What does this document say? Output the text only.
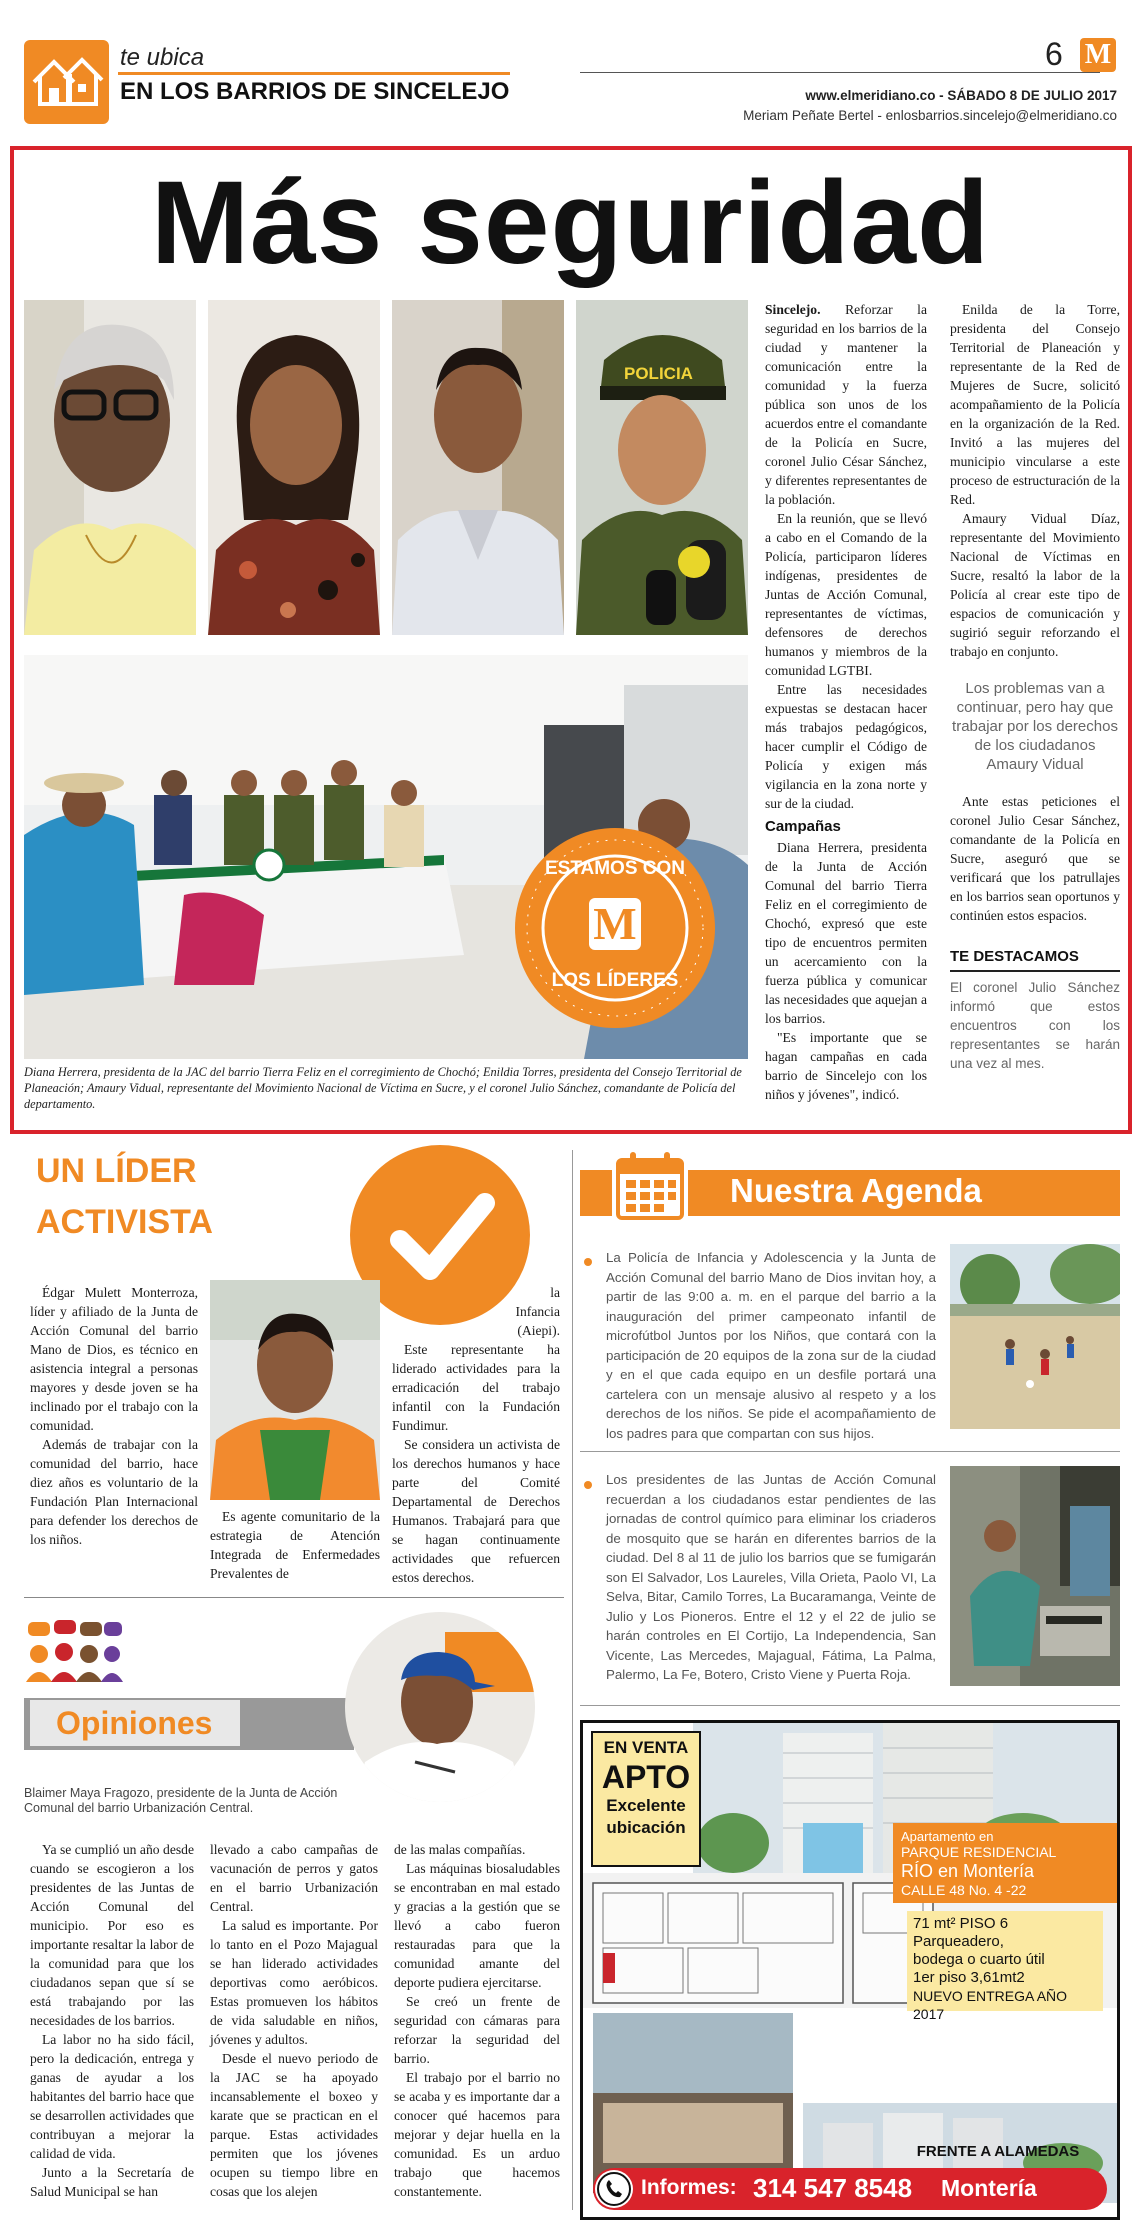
te ubica
EN LOS BARRIOS DE SINCELEJO
6 M
www.elmeridiano.co - SÁBADO 8 DE JULIO 2017
Meriam Peñate Bertel - enlosbarrios.sincelejo@elmeridiano.co
Más seguridad
POLICIA
ESTAMOS CON
M
LOS LÍDERES
Diana Herrera, presidenta de la JAC del barrio Tierra Feliz en el corregimiento de Chochó; Enildia Torres, presidenta del Consejo Territorial de Planeación; Amaury Vidual, representante del Movimiento Nacional de Víctima en Sucre, y el coronel Julio Sánchez, comandante de Policía del departamento.

Sincelejo. Reforzar la seguridad en los barrios de la ciudad y mantener la comunicación entre la comunidad y la fuerza pública son unos de los acuerdos entre el comandante de la Policía en Sucre, coronel Julio César Sánchez, y diferentes representantes de la población.

En la reunión, que se llevó a cabo en el Comando de la Policía, participaron líderes indígenas, presidentes de Juntas de Acción Comunal, representantes de víctimas, defensores de derechos humanos y miembros de la comunidad LGTBI.

Entre las necesidades expuestas se destacan hacer más trabajos pedagógicos, hacer cumplir el Código de Policía y exigen más vigilancia en la zona norte y sur de la ciudad.

Campañas

Diana Herrera, presidenta de la Junta de Acción Comunal del barrio Tierra Feliz en el corregimiento de Chochó, expresó que este tipo de encuentros permiten un acercamiento con la fuerza pública y comunicar las necesidades que aquejan a los barrios.

"Es importante que se hagan campañas en cada barrio de Sincelejo con los niños y jóvenes", indicó.

Enilda de la Torre, presidenta del Consejo Territorial de Planeación y representante de la Red de Mujeres de Sucre, solicitó acompañamiento de la Policía en la organización de la Red. Invitó a las mujeres del municipio vincularse a este proceso de estructuración de la Red.

Amaury Vidual Díaz, representante del Movimiento Nacional de Víctimas en Sucre, resaltó la labor de la Policía al crear este tipo de espacios de comunicación y sugirió seguir reforzando el trabajo en conjunto.

Los problemas van a continuar, pero hay que trabajar por los derechos de los ciudadanos
Amaury Vidual

Ante estas peticiones el coronel Julio Cesar Sánchez, comandante de la Policía en Sucre, aseguró que se verificará que los patrullajes en los barrios sean oportunos y continúen estos espacios.

TE DESTACAMOS
El coronel Julio Sánchez informó que estos encuentros con los representantes se harán una vez al mes.
UN LÍDER
ACTIVISTA

Édgar Mulett Monterroza, líder y afiliado de la Junta de Acción Comunal del barrio Mano de Dios, es técnico en asistencia integral a personas mayores y desde joven se ha inclinado por el trabajo con la comunidad.

Además de trabajar con la comunidad del barrio, hace diez años es voluntario de la Fundación Plan Internacional para defender los derechos de los niños.

Es agente comunitario de la estrategia de Atención Integrada de Enfermedades Prevalentes de

la Infancia (Aiepi).

Este representante ha liderado actividades para la erradicación del trabajo infantil con la Fundación Fundimur.

Se considera un activista de los derechos humanos y hace parte del Comité Departamental de Derechos Humanos. Trabajará para que se hagan continuamente actividades que refuercen estos derechos.

Opiniones
Blaimer Maya Fragozo, presidente de la Junta de Acción Comunal del barrio Urbanización Central.

Ya se cumplió un año desde cuando se escogieron a los presidentes de las Juntas de Acción Comunal del municipio. Por eso es importante resaltar la labor de la comunidad para que los ciudadanos sepan que sí se está trabajando por las necesidades de los barrios.

La labor no ha sido fácil, pero la dedicación, entrega y ganas de ayudar a los habitantes del barrio hace que se desarrollen actividades que contribuyan a mejorar la calidad de vida.

Junto a la Secretaría de Salud Municipal se han

llevado a cabo campañas de vacunación de perros y gatos en el barrio Urbanización Central.

La salud es importante. Por lo tanto en el Pozo Majagual se han liderado actividades deportivas como aeróbicos. Estas promueven los hábitos de vida saludable en niños, jóvenes y adultos.

Desde el nuevo periodo de la JAC se ha apoyado incansablemente el boxeo y karate que se practican en el parque. Estas actividades permiten que los jóvenes ocupen su tiempo libre en cosas que los alejen

de las malas compañías.

Las máquinas biosaludables se encontraban en mal estado y gracias a la gestión que se llevó a cabo fueron restauradas para que la comunidad amante del deporte pudiera ejercitarse.

Se creó un frente de seguridad con cámaras para reforzar la seguridad del barrio.

El trabajo por el barrio no se acaba y es importante dar a conocer qué hacemos para mejorar y dejar huella en la comunidad. Es un arduo trabajo que hacemos constantemente.

Nuestra Agenda
La Policía de Infancia y Adolescencia y la Junta de Acción Comunal del barrio Mano de Dios invitan hoy, a partir de las 9:00 a. m. en el parque del barrio a la inauguración del primer campeonato infantil de microfútbol Juntos por los Niños, que contará con la participación de 20 equipos de la zona sur de la ciudad y en el que cada equipo en un desfile portará una cartelera con un mensaje alusivo al respeto y a los derechos de los niños. Se pide el acompañamiento de los padres para que compartan con sus hijos.
Los presidentes de las Juntas de Acción Comunal recuerdan a los ciudadanos estar pendientes de las jornadas de control químico para eliminar los criaderos de mosquito que se harán en diferentes barrios de la ciudad. Del 8 al 11 de julio los barrios que se fumigarán son El Salvador, Los Laureles, Villa Orieta, Paolo VI, La Selva, Bitar, Camilo Torres, La Bucaramanga, Veinte de Julio y Los Pioneros. Entre el 12 y el 22 de julio se harán controles en El Cortijo, La Independencia, San Vicente, Las Mercedes, Majagual, Fátima, La Palma, Palermo, La Fe, Botero, Cristo Viene y Puerta Roja.
EN VENTA
APTO
Excelente
ubicación	Apartamento en
PARQUE RESIDENCIAL
RÍO en Montería
CALLE 48 No. 4 -22
71 mt² PISO 6
Parqueadero,
bodega o cuarto útil
1er piso 3,61mt2
NUEVO ENTREGA AÑO 2017
FRENTE A ALAMEDAS
Informes: 314 547 8548 Montería
